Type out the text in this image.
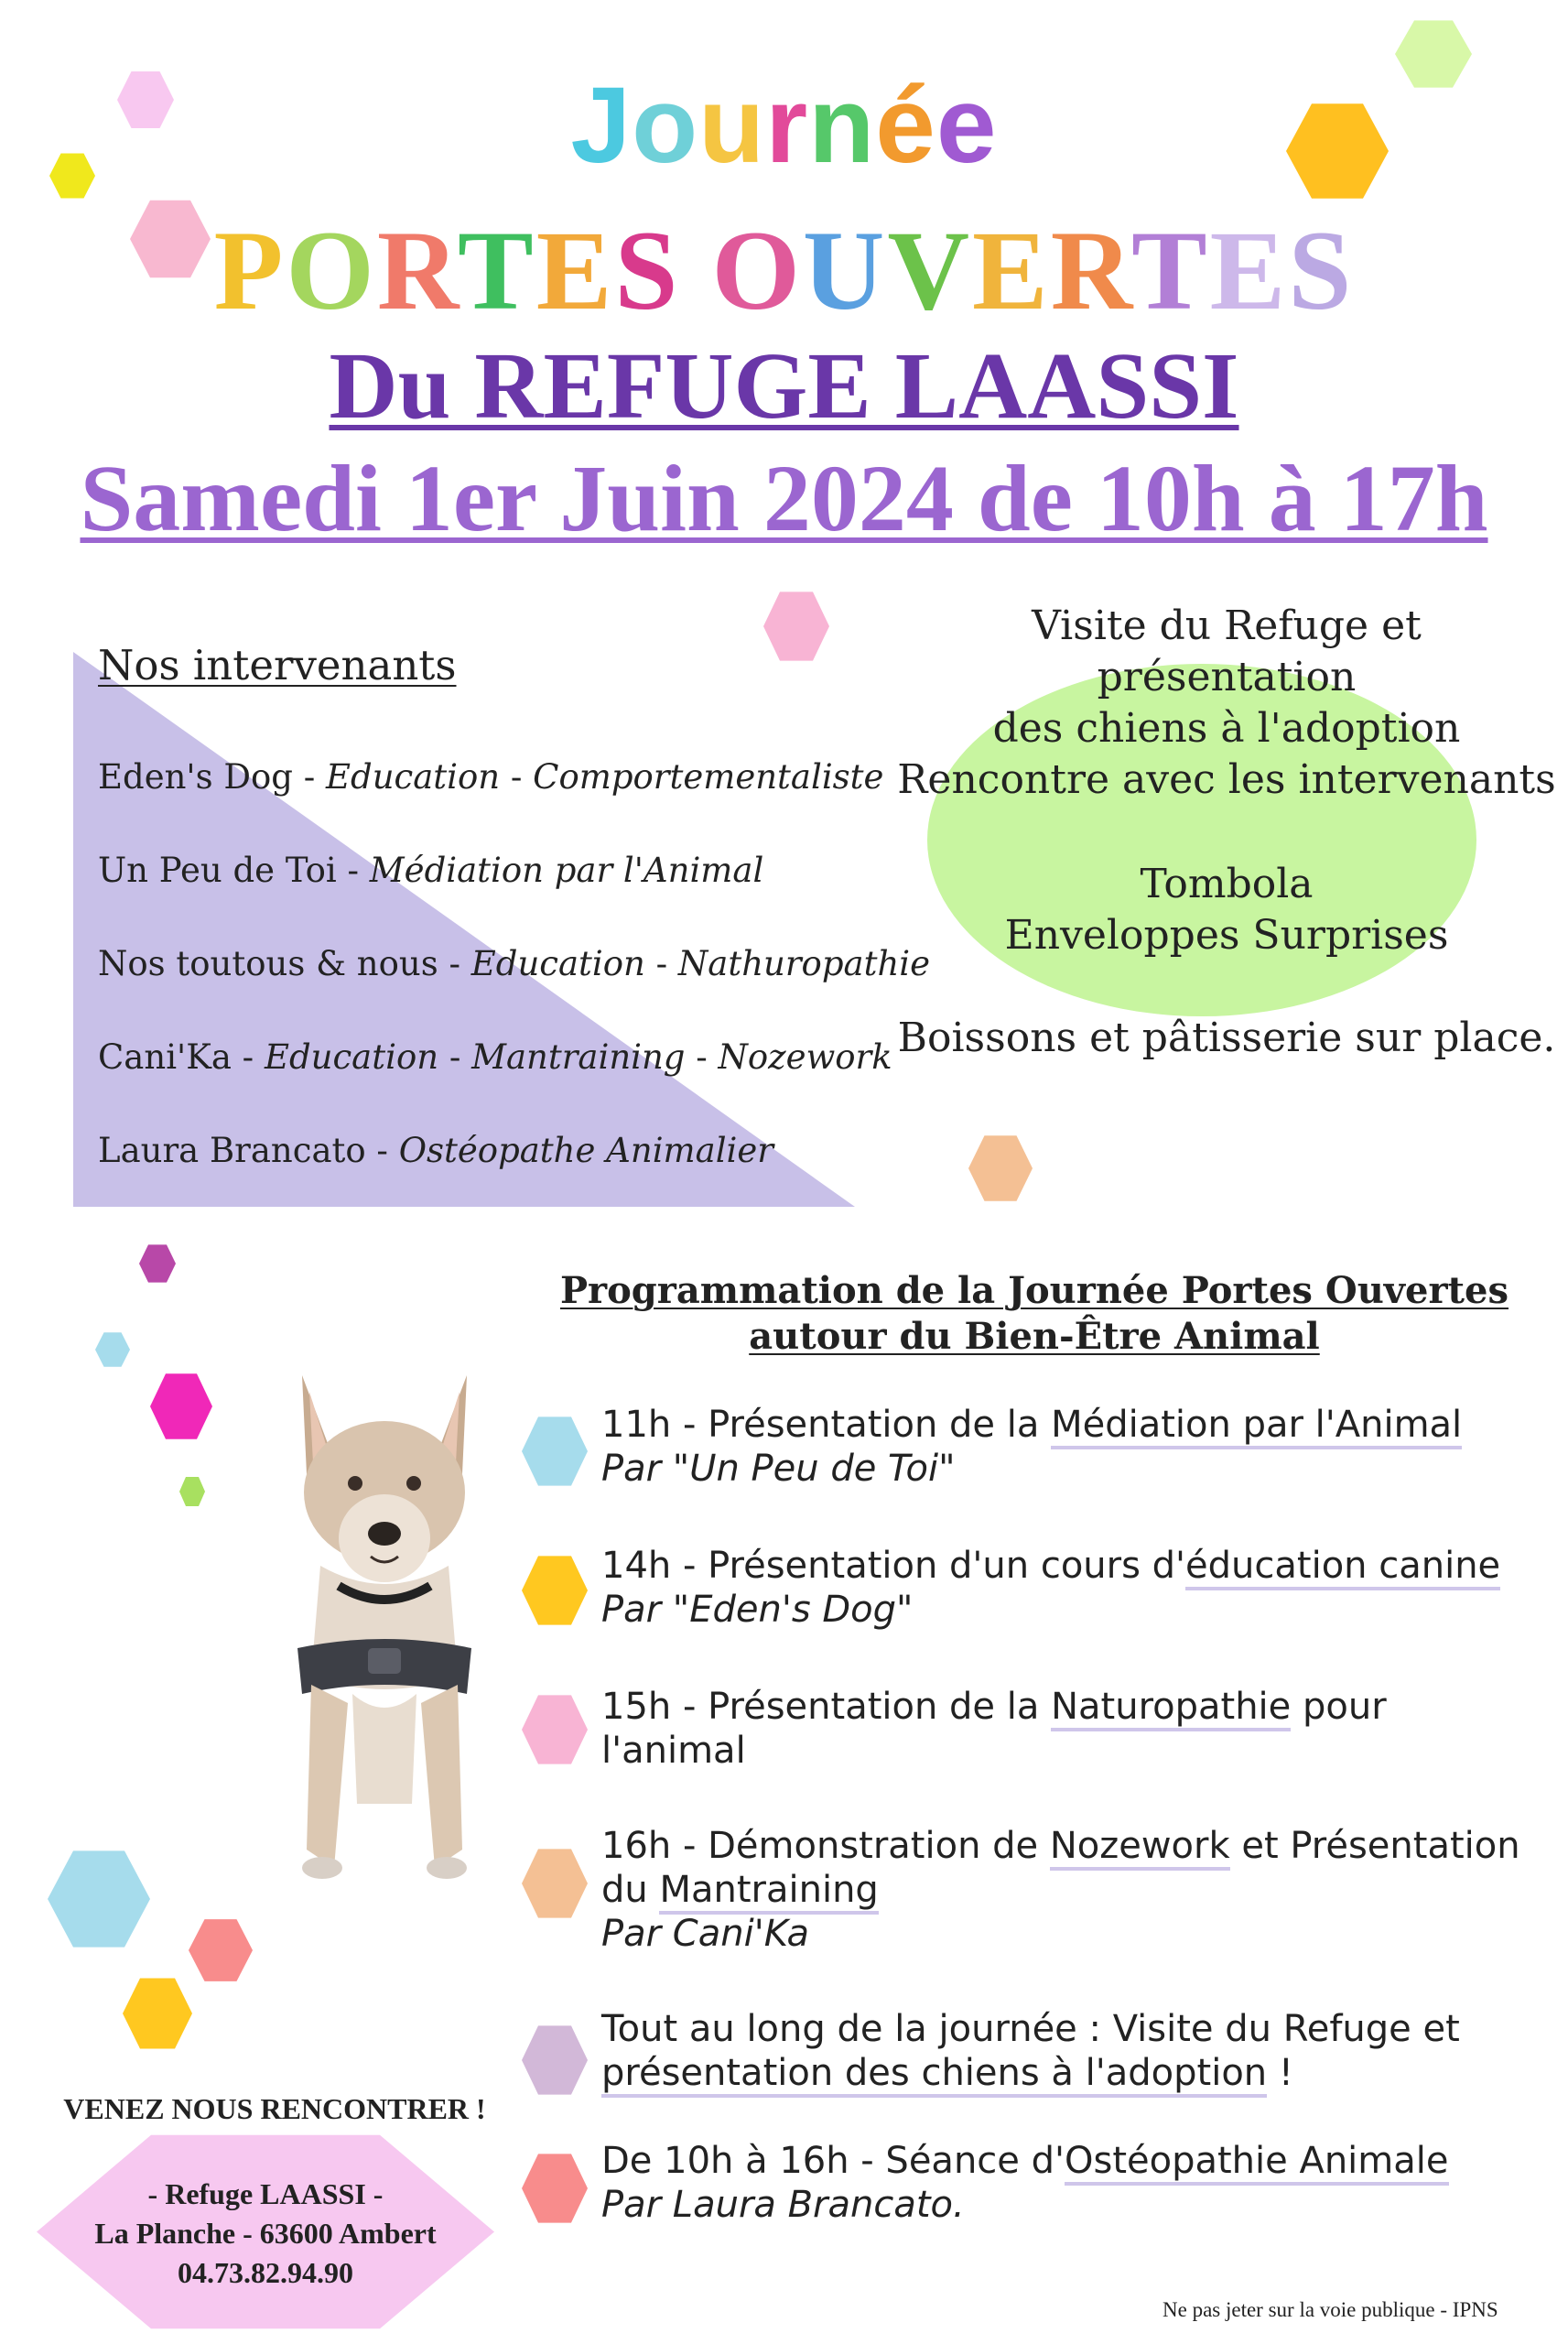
Journée
PORTES OUVERTES
Du REFUGE LAASSI
Samedi 1er Juin 2024 de 10h à 17h
Nos intervenants
Eden's Dog - Education - Comportementaliste
Un Peu de Toi - Médiation par l'Animal
Nos toutous & nous - Education - Nathuropathie
Cani'Ka - Education - Mantraining - Nozework
Laura Brancato - Ostéopathe Animalier
Visite du Refuge et présentation
des chiens à l'adoption
Rencontre avec les intervenants
Tombola
Enveloppes Surprises
Boissons et pâtisserie sur place.
Programmation de la Journée Portes Ouvertes
autour du Bien-Être Animal
11h - Présentation de la Médiation par l'Animal
Par "Un Peu de Toi"
14h - Présentation d'un cours d'éducation canine
Par "Eden's Dog"
15h - Présentation de la Naturopathie pour l'animal
16h - Démonstration de Nozework et Présentation du Mantraining
Par Cani'Ka
Tout au long de la journée : Visite du Refuge et présentation des chiens à l'adoption !
De 10h à 16h - Séance d'Ostéopathie Animale
Par Laura Brancato.
VENEZ NOUS RENCONTRER !
- Refuge LAASSI -
La Planche - 63600 Ambert
04.73.82.94.90
Ne pas jeter sur la voie publique - IPNS
